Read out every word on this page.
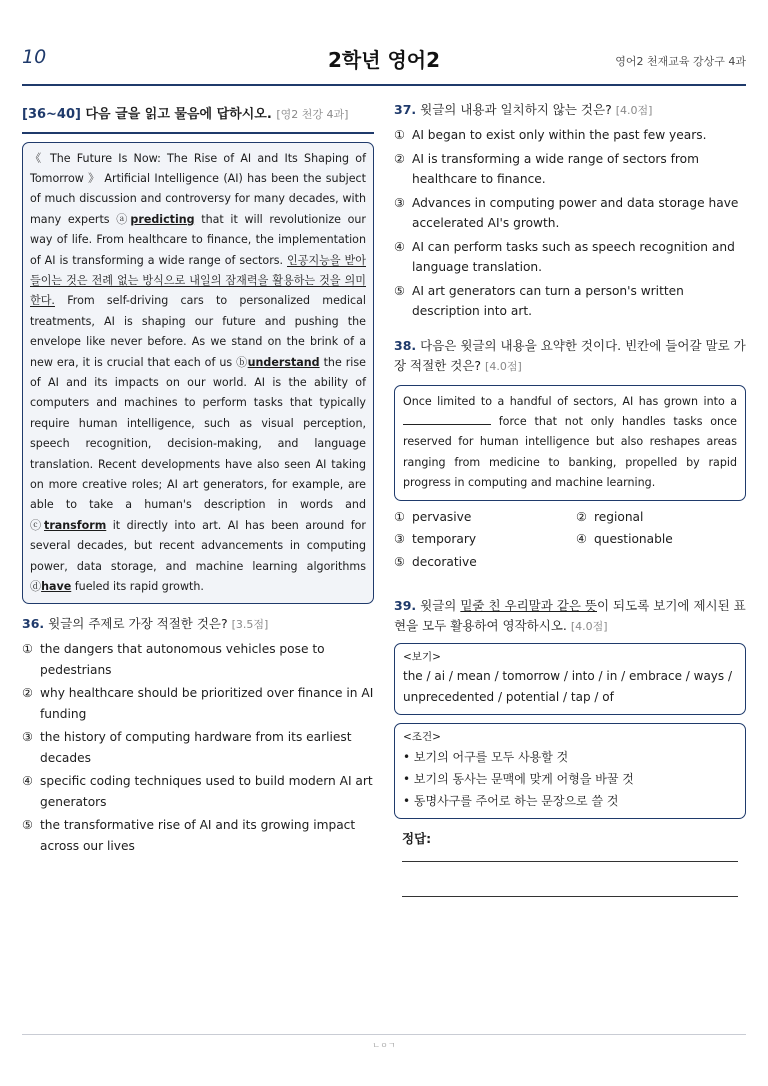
10	2학년 영어2	영어2 천재교육 강상구 4과
[36~40] 다음 글을 읽고 물음에 답하시오. [영2 천강 4과]
《 The Future Is Now: The Rise of AI and Its Shaping of Tomorrow 》 Artificial Intelligence (AI) has been the subject of much discussion and controversy for many decades, with many experts ⓐpredicting that it will revolutionize our way of life. From healthcare to finance, the implementation of AI is transforming a wide range of sectors. 인공지능을 받아들이는 것은 전례 없는 방식으로 내일의 잠재력을 활용하는 것을 의미한다. From self-driving cars to personalized medical treatments, AI is shaping our future and pushing the envelope like never before. As we stand on the brink of a new era, it is crucial that each of us ⓑunderstand the rise of AI and its impacts on our world. AI is the ability of computers and machines to perform tasks that typically require human intelligence, such as visual perception, speech recognition, decision-making, and language translation. Recent developments have also seen AI taking on more creative roles; AI art generators, for example, are able to take a human's description in words and ⓒtransform it directly into art. AI has been around for several decades, but recent advancements in computing power, data storage, and machine learning algorithms ⓓhave fueled its rapid growth.
36. 윗글의 주제로 가장 적절한 것은? [3.5점]
① the dangers that autonomous vehicles pose to pedestrians
② why healthcare should be prioritized over finance in AI funding
③ the history of computing hardware from its earliest decades
④ specific coding techniques used to build modern AI art generators
⑤ the transformative rise of AI and its growing impact across our lives
37. 윗글의 내용과 일치하지 않는 것은? [4.0점]
① AI began to exist only within the past few years.
② AI is transforming a wide range of sectors from healthcare to finance.
③ Advances in computing power and data storage have accelerated AI's growth.
④ AI can perform tasks such as speech recognition and language translation.
⑤ AI art generators can turn a person's written description into art.
38. 다음은 윗글의 내용을 요약한 것이다. 빈칸에 들어갈 말로 가장 적절한 것은? [4.0점]
Once limited to a handful of sectors, AI has grown into a  force that not only handles tasks once reserved for human intelligence but also reshapes areas ranging from medicine to banking, propelled by rapid progress in computing and machine learning.
① pervasive	② regional
③ temporary	④ questionable
⑤ decorative
39. 윗글의 밑줄 친 우리말과 같은 뜻이 되도록 보기에 제시된 표현을 모두 활용하여 영작하시오. [4.0점]
<보기>
the / ai / mean / tomorrow / into / in / embrace / ways / unprecedented / potential / tap / of
<조건>
• 보기의 어구를 모두 사용할 것
• 보기의 동사는 문맥에 맞게 어형을 바꿀 것
• 동명사구를 주어로 하는 문장으로 쓸 것
정답:
ㄴㅇㄱ
